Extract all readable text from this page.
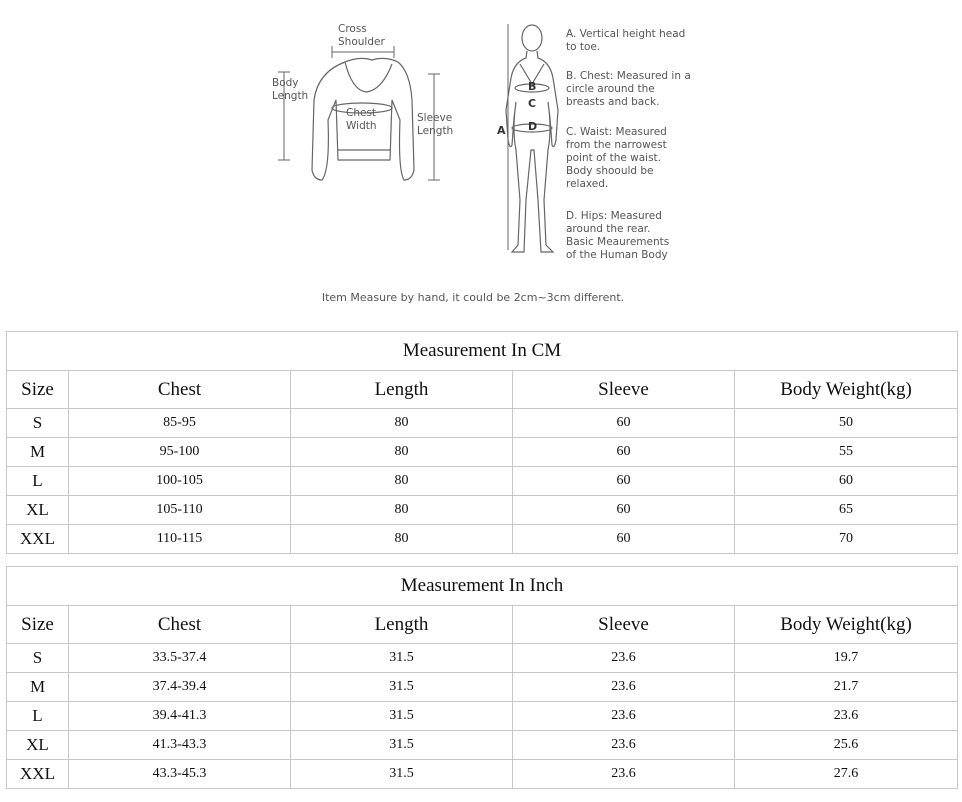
Cross
Shoulder
Body
Length
Chest
Width
Sleeve
Length	A
B
C
D
A. Vertical height head
to toe.
B. Chest: Measured in a
circle around the
breasts and back.
C. Waist: Measured
from the narrowest
point of the waist.
Body shoould be
relaxed.
D. Hips: Measured
around the rear.
Basic Meaurements
of the Human Body
Item Measure by hand, it could be 2cm~3cm different.
Measurement In CM				
Size	Chest	Length	Sleeve	Body Weight(kg)
S	85-95	80	60	50
M	95-100	80	60	55
L	100-105	80	60	60
XL	105-110	80	60	65
XXL	110-115	80	60	70
Measurement In Inch				
Size	Chest	Length	Sleeve	Body Weight(kg)
S	33.5-37.4	31.5	23.6	19.7
M	37.4-39.4	31.5	23.6	21.7
L	39.4-41.3	31.5	23.6	23.6
XL	41.3-43.3	31.5	23.6	25.6
XXL	43.3-45.3	31.5	23.6	27.6
